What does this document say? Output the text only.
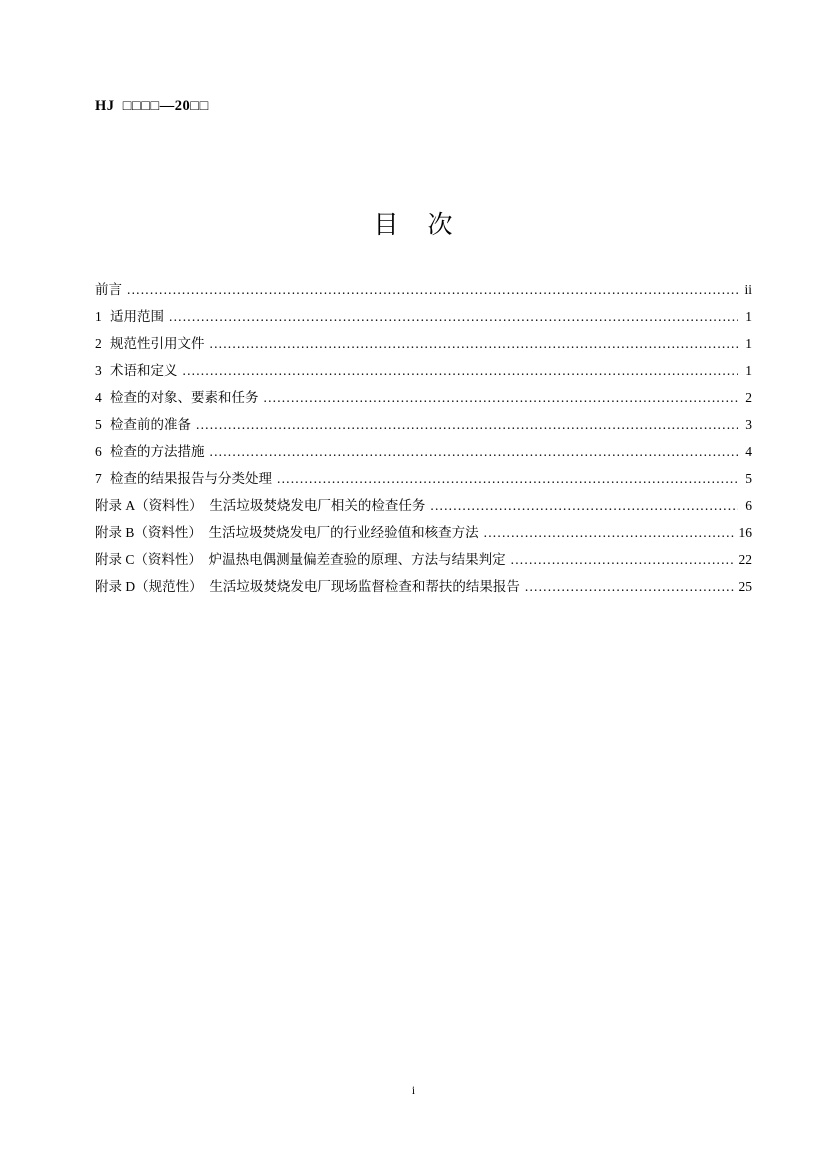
HJ  □□□□—20□□
目 次
前言 .....	ii
1 适用范围 .....	1
2 规范性引用文件 .....	1
3 术语和定义 .....	1
4 检查的对象、要素和任务 .....	2
5 检查前的准备 .....	3
6 检查的方法措施 .....	4
7 检查的结果报告与分类处理 .....	5
附录 A（资料性）　生活垃圾焚烧发电厂相关的检查任务 .....	6
附录 B（资料性）　生活垃圾焚烧发电厂的行业经验值和核查方法 .....	16
附录 C（资料性）　炉温热电偶测量偏差查验的原理、方法与结果判定 .....	22
附录 D（规范性）　生活垃圾焚烧发电厂现场监督检查和帮扶的结果报告 .....	25
i
